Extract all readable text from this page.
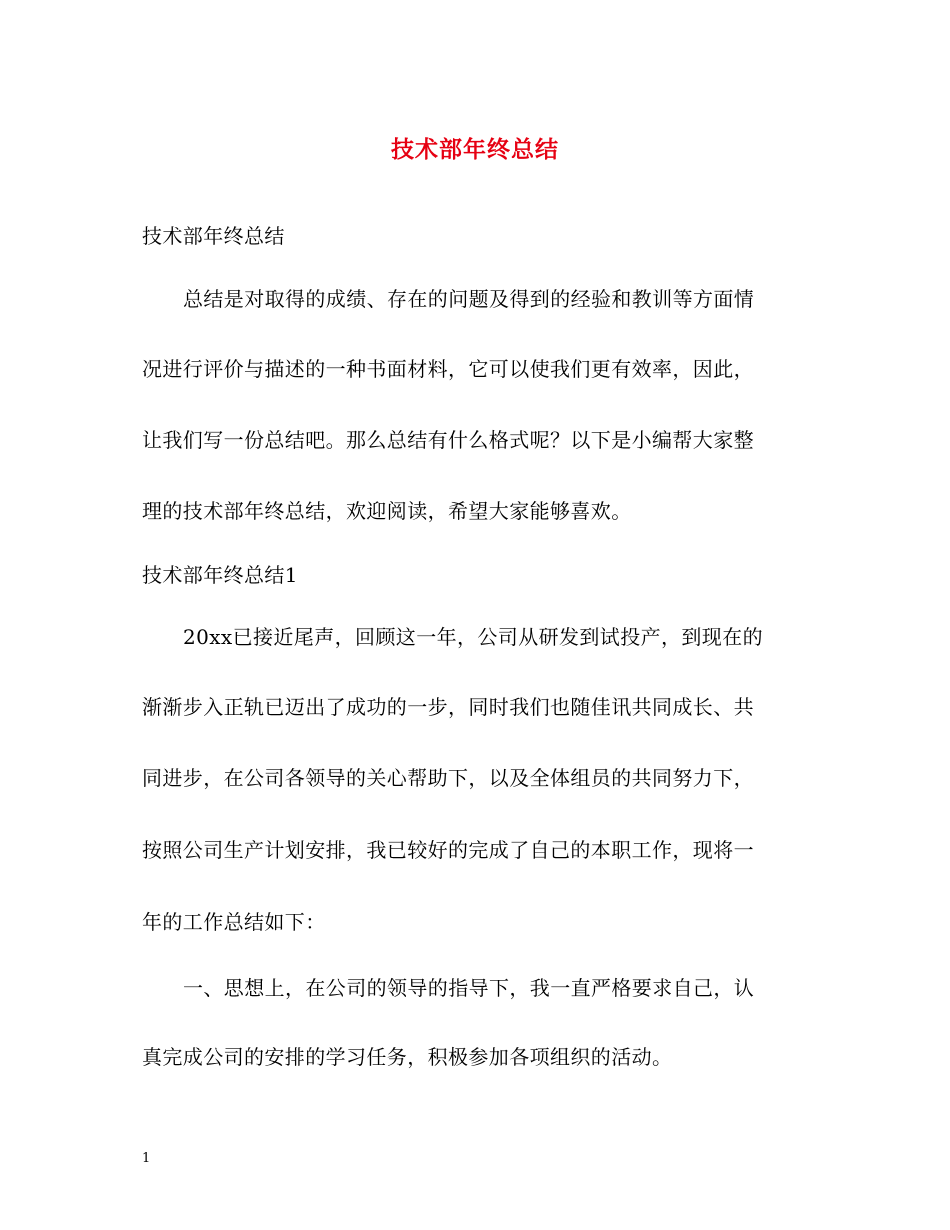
技术部年终总结
技术部年终总结
总结是对取得的成绩、存在的问题及得到的经验和教训等方面情
况进行评价与描述的一种书面材料，它可以使我们更有效率，因此，
让我们写一份总结吧。那么总结有什么格式呢？以下是小编帮大家整
理的技术部年终总结，欢迎阅读，希望大家能够喜欢。
技术部年终总结1
20xx已接近尾声，回顾这一年，公司从研发到试投产，到现在的
渐渐步入正轨已迈出了成功的一步，同时我们也随佳讯共同成长、共
同进步，在公司各领导的关心帮助下，以及全体组员的共同努力下，
按照公司生产计划安排，我已较好的完成了自己的本职工作，现将一
年的工作总结如下：
一、思想上，在公司的领导的指导下，我一直严格要求自己，认
真完成公司的安排的学习任务，积极参加各项组织的活动。
1
